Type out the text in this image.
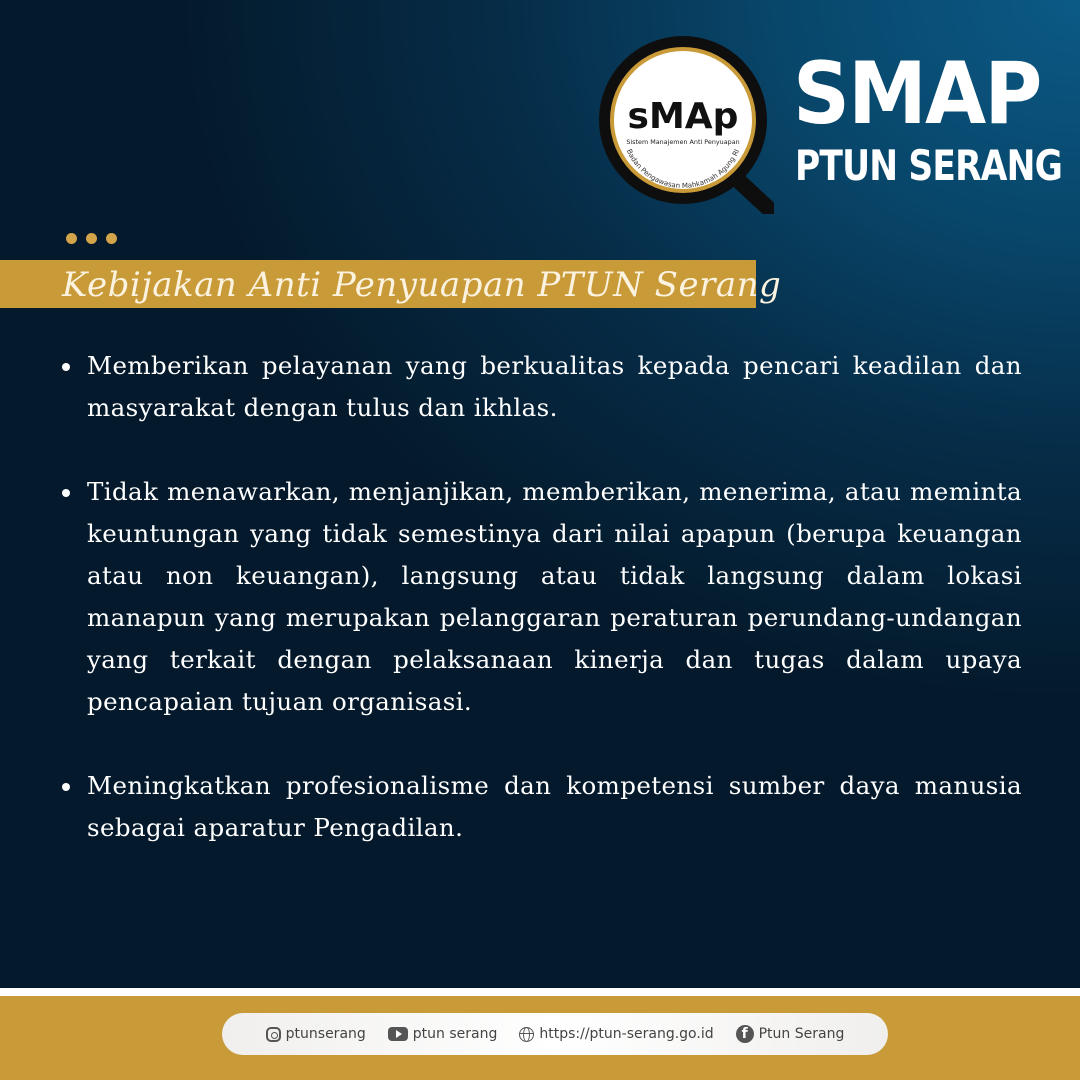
sMAp
Sistem Manajemen Anti Penyuapan
Badan Pengawasan Mahkamah Agung RI
SMAP
PTUN SERANG
Kebijakan Anti Penyuapan PTUN Serang
Memberikan pelayanan yang berkualitas kepada pencari keadilan dan masyarakat dengan tulus dan ikhlas.
Tidak menawarkan, menjanjikan, memberikan, menerima, atau meminta keuntungan yang tidak semestinya dari nilai apapun (berupa keuangan atau non keuangan), langsung atau tidak langsung dalam lokasi manapun yang merupakan pelanggaran peraturan perundang-undangan yang terkait dengan pelaksanaan kinerja dan tugas dalam upaya pencapaian tujuan organisasi.
Meningkatkan profesionalisme dan kompetensi sumber daya manusia sebagai aparatur Pengadilan.
ptunserang	ptun serang	https://ptun-serang.go.id	f Ptun Serang
